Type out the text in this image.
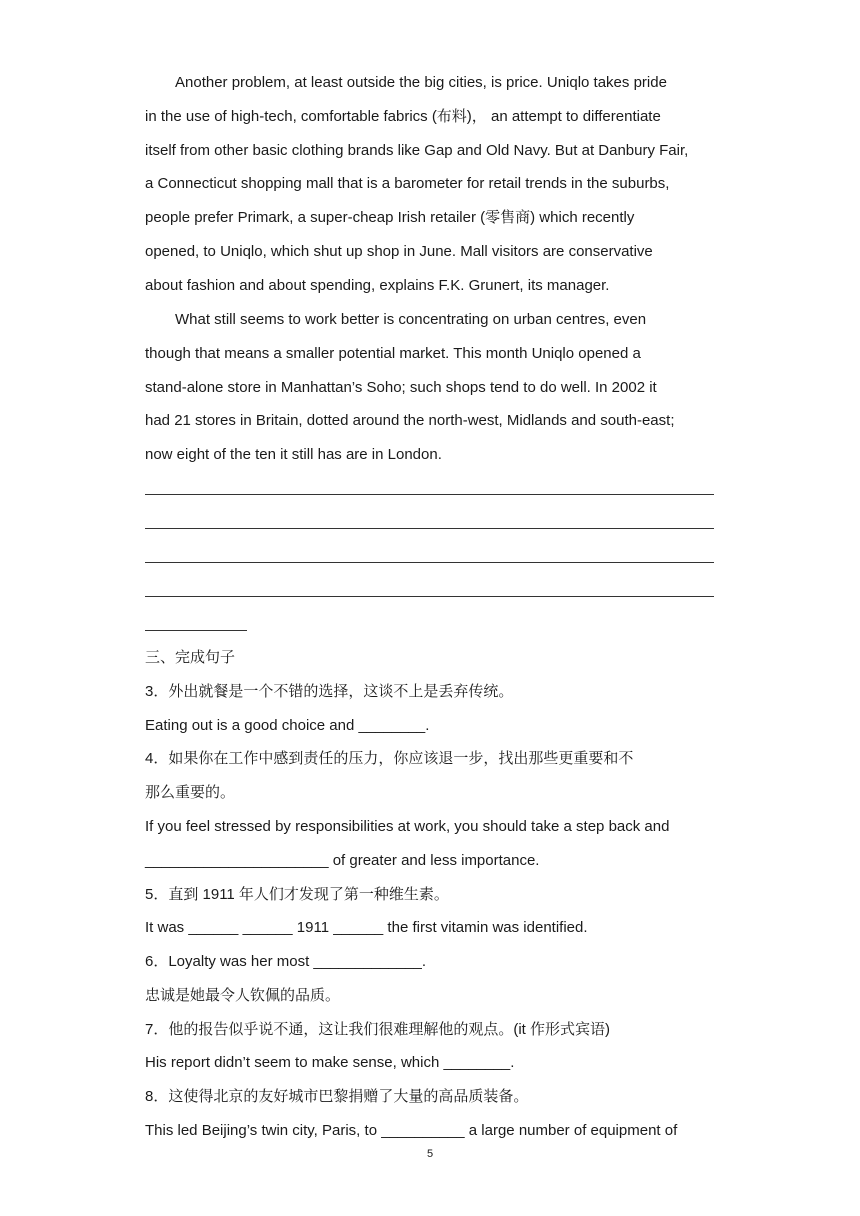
Another problem, at least outside the big cities, is price. Uniqlo takes pride
in the use of high-tech, comfortable fabrics (布料)， an attempt to differentiate
itself from other basic clothing brands like Gap and Old Navy. But at Danbury Fair,
a Connecticut shopping mall that is a barometer for retail trends in the suburbs,
people prefer Primark, a super-cheap Irish retailer (零售商) which recently
opened, to Uniqlo, which shut up shop in June. Mall visitors are conservative
about fashion and about spending, explains F.K. Grunert, its manager.
What still seems to work better is concentrating on urban centres, even
though that means a smaller potential market. This month Uniqlo opened a
stand-alone store in Manhattan’s Soho; such shops tend to do well. In 2002 it
had 21 stores in Britain, dotted around the north-west, Midlands and south-east;
now eight of the ten it still has are in London.
三、完成句子
3．外出就餐是一个不错的选择，这谈不上是丢弃传统。
Eating out is a good choice and ________.
4．如果你在工作中感到责任的压力，你应该退一步，找出那些更重要和不
那么重要的。
If you feel stressed by responsibilities at work, you should take a step back and
______________________ of greater and less importance.
5．直到 1911 年人们才发现了第一种维生素。
It was ______ ______ 1911 ______ the first vitamin was identified.
6．Loyalty was her most _____________.
忠诚是她最令人钦佩的品质。
7．他的报告似乎说不通，这让我们很难理解他的观点。(it 作形式宾语)
His report didn’t seem to make sense, which ________.
8．这使得北京的友好城市巴黎捐赠了大量的高品质装备。
This led Beijing’s twin city, Paris, to __________ a large number of equipment of
5
